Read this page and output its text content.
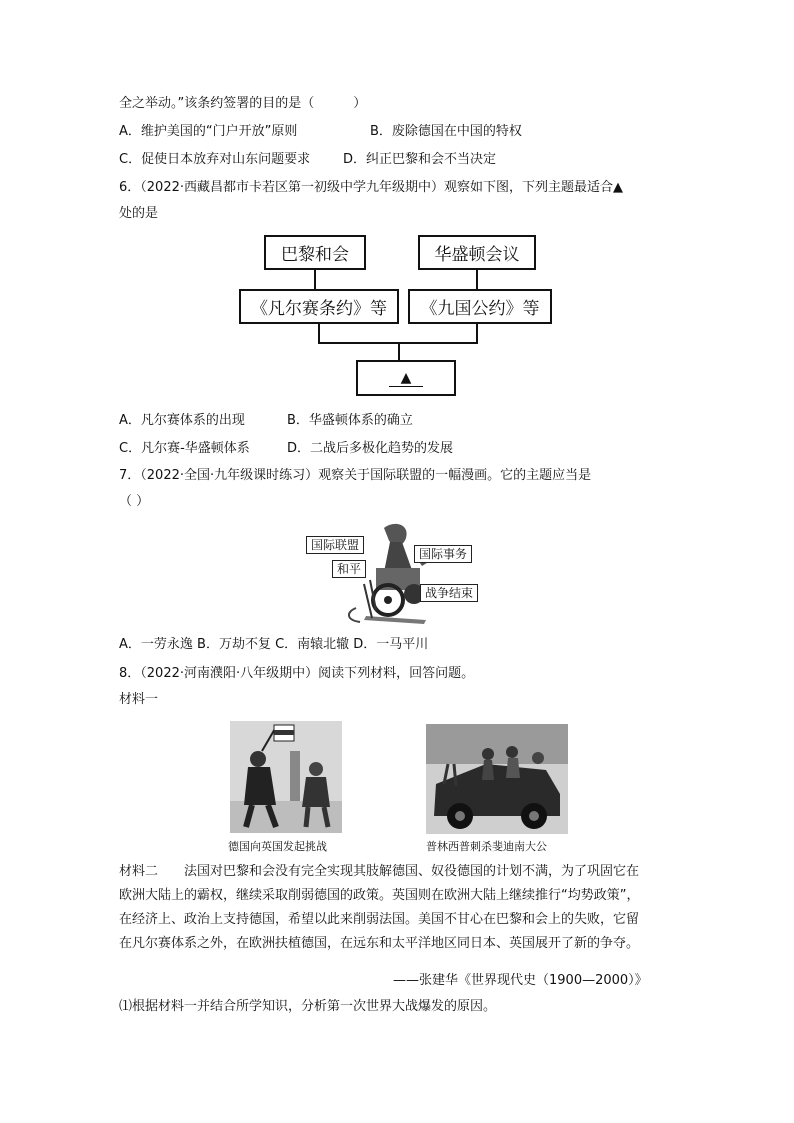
全之举动。”该条约签署的目的是（　　　）
A．维护美国的“门户开放”原则	B．废除德国在中国的特权
C．促使日本放弃对山东问题要求	D．纠正巴黎和会不当决定
6．（2022·西藏昌都市卡若区第一初级中学九年级期中）观察如下图，下列主题最适合▲
处的是
巴黎和会	华盛顿会议
《凡尔赛条约》等	《九国公约》等
▲
A．凡尔赛体系的出现	B．华盛顿体系的确立
C．凡尔赛-华盛顿体系	D．二战后多极化趋势的发展
7．（2022·全国·九年级课时练习）观察关于国际联盟的一幅漫画。它的主题应当是
（ ）
国际联盟
国际事务
和平
战争结束
A．一劳永逸 B．万劫不复 C．南辕北辙 D．一马平川
8．（2022·河南濮阳·八年级期中）阅读下列材料，回答问题。
材料一
德国向英国发起挑战	普林西普刺杀斐迪南大公
材料二　　法国对巴黎和会没有完全实现其肢解德国、奴役德国的计划不满，为了巩固它在
欧洲大陆上的霸权，继续采取削弱德国的政策。英国则在欧洲大陆上继续推行“均势政策”，
在经济上、政治上支持德国，希望以此来削弱法国。美国不甘心在巴黎和会上的失败，它留
在凡尔赛体系之外，在欧洲扶植德国，在远东和太平洋地区同日本、英国展开了新的争夺。
——张建华《世界现代史（1900—2000）》
⑴根据材料一并结合所学知识，分析第一次世界大战爆发的原因。
